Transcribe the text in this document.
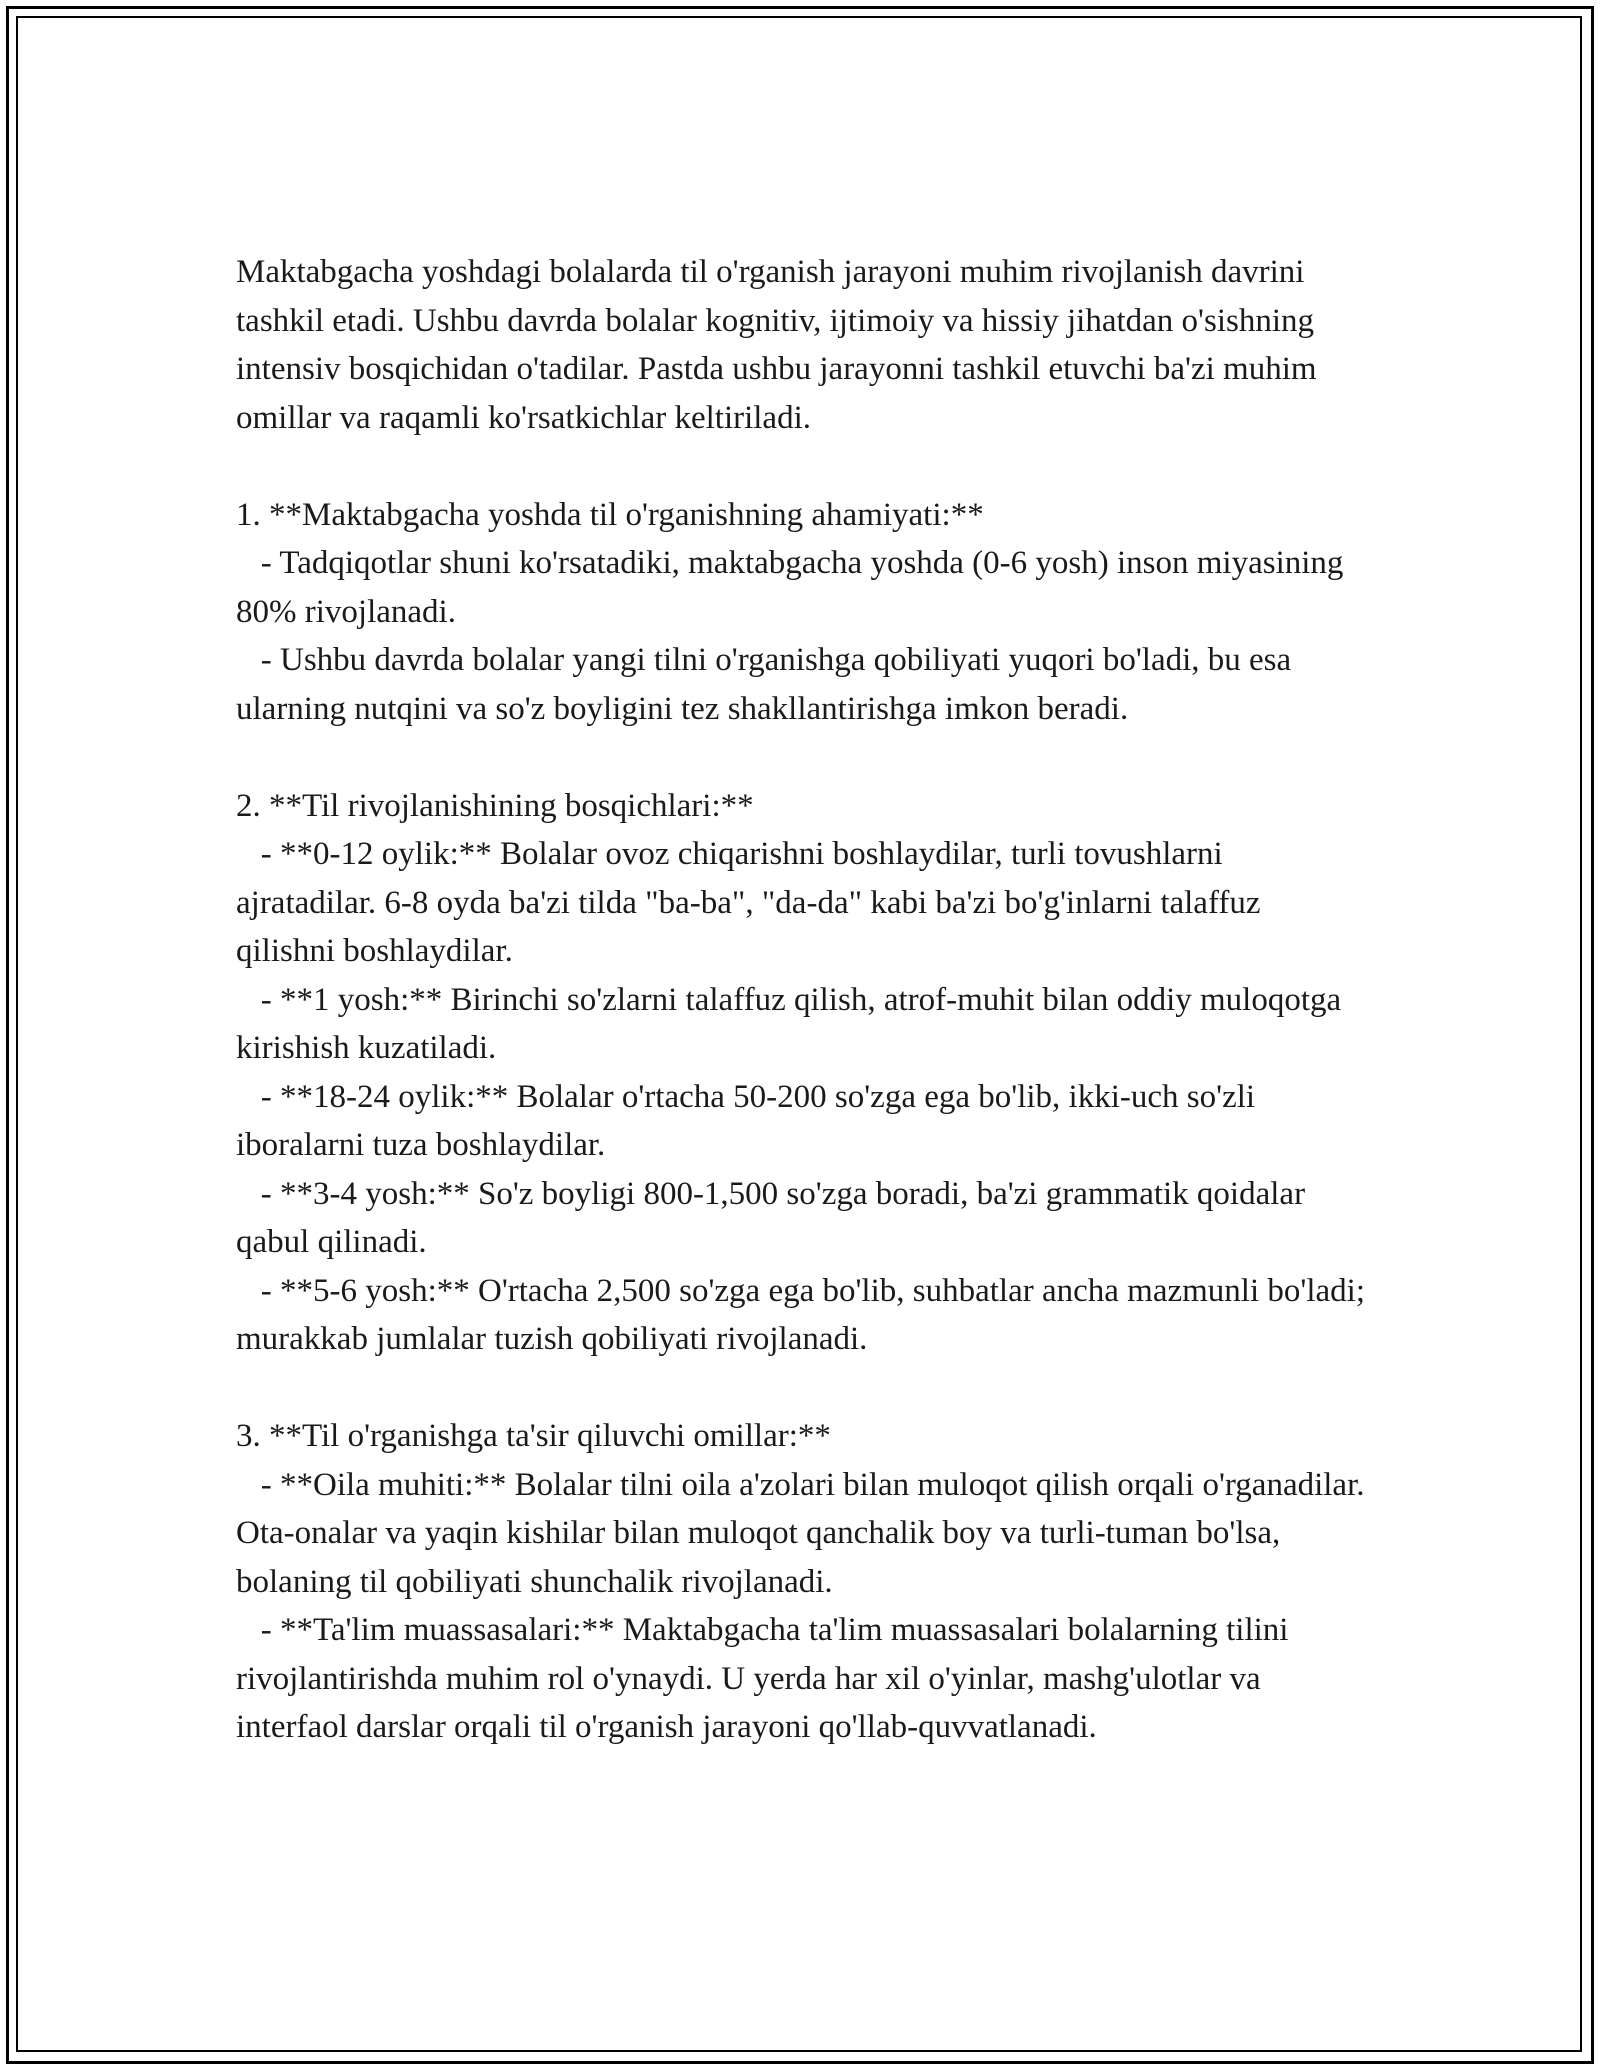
Maktabgacha yoshdagi bolalarda til o'rganish jarayoni muhim rivojlanish davrini tashkil etadi. Ushbu davrda bolalar kognitiv, ijtimoiy va hissiy jihatdan o'sishning intensiv bosqichidan o'tadilar. Pastda ushbu jarayonni tashkil etuvchi ba'zi muhim omillar va raqamli ko'rsatkichlar keltiriladi.

1. **Maktabgacha yoshda til o'rganishning ahamiyati:**

- Tadqiqotlar shuni ko'rsatadiki, maktabgacha yoshda (0-6 yosh) inson miyasining 80% rivojlanadi.

- Ushbu davrda bolalar yangi tilni o'rganishga qobiliyati yuqori bo'ladi, bu esa ularning nutqini va so'z boyligini tez shakllantirishga imkon beradi.

2. **Til rivojlanishining bosqichlari:**

- **0-12 oylik:** Bolalar ovoz chiqarishni boshlaydilar, turli tovushlarni ajratadilar. 6-8 oyda ba'zi tilda "ba-ba", "da-da" kabi ba'zi bo'g'inlarni talaffuz qilishni boshlaydilar.

- **1 yosh:** Birinchi so'zlarni talaffuz qilish, atrof-muhit bilan oddiy muloqotga kirishish kuzatiladi.

- **18-24 oylik:** Bolalar o'rtacha 50-200 so'zga ega bo'lib, ikki-uch so'zli iboralarni tuza boshlaydilar.

- **3-4 yosh:** So'z boyligi 800-1,500 so'zga boradi, ba'zi grammatik qoidalar qabul qilinadi.

- **5-6 yosh:** O'rtacha 2,500 so'zga ega bo'lib, suhbatlar ancha mazmunli bo'ladi; murakkab jumlalar tuzish qobiliyati rivojlanadi.

3. **Til o'rganishga ta'sir qiluvchi omillar:**

- **Oila muhiti:** Bolalar tilni oila a'zolari bilan muloqot qilish orqali o'rganadilar. Ota-onalar va yaqin kishilar bilan muloqot qanchalik boy va turli-tuman bo'lsa, bolaning til qobiliyati shunchalik rivojlanadi.

- **Ta'lim muassasalari:** Maktabgacha ta'lim muassasalari bolalarning tilini rivojlantirishda muhim rol o'ynaydi. U yerda har xil o'yinlar, mashg'ulotlar va interfaol darslar orqali til o'rganish jarayoni qo'llab-quvvatlanadi.
